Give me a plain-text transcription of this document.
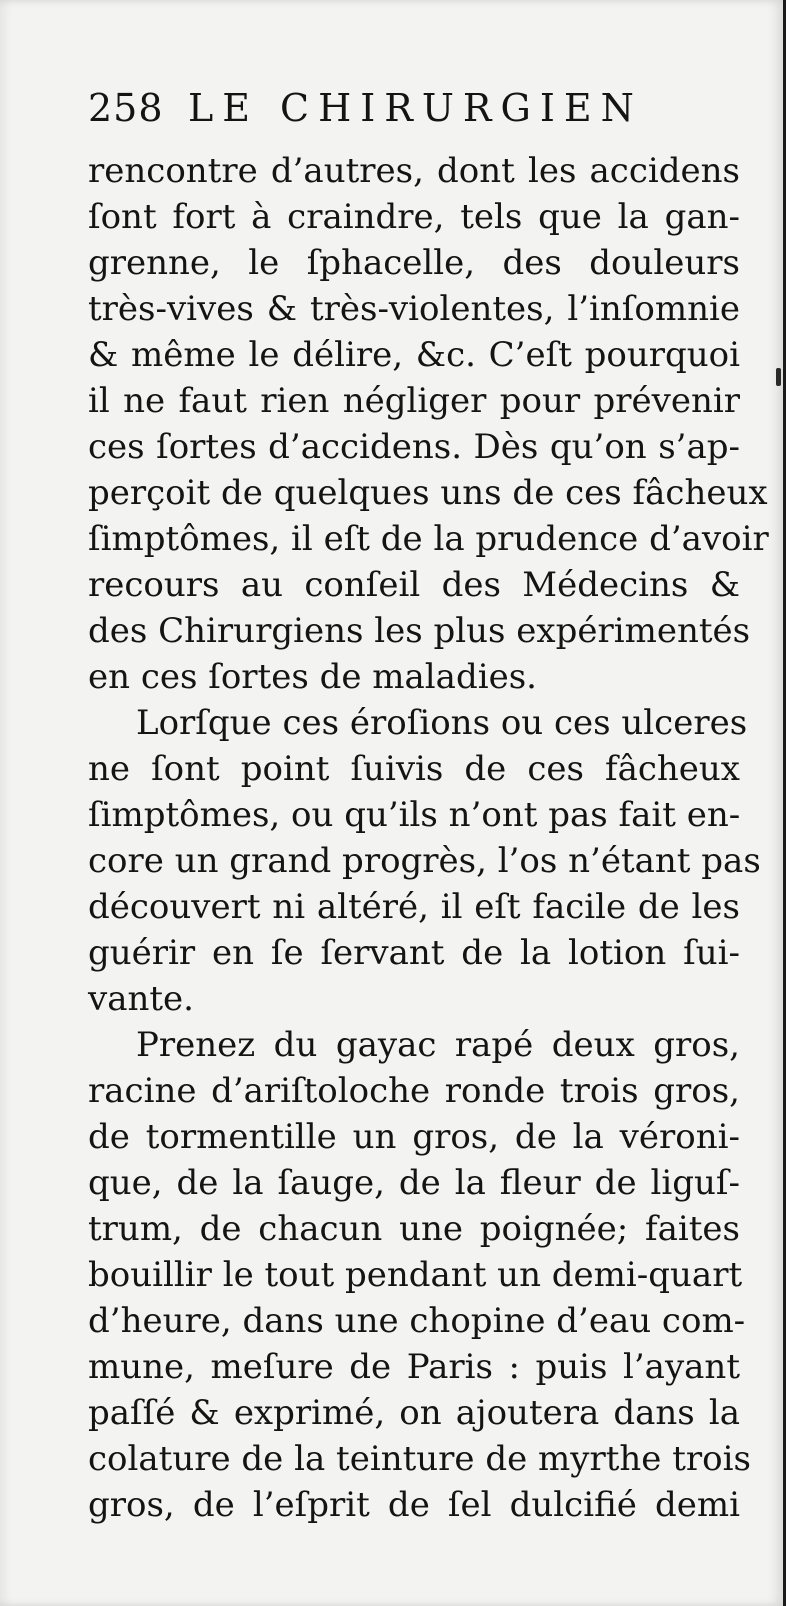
258 LE CHIRURGIEN
rencontre d’autres, dont les accidens
ſont fort à craindre, tels que la gan-
grenne, le ſphacelle, des douleurs
très-vives & très-violentes, l’inſomnie
& même le délire, &c. C’eſt pourquoi
il ne faut rien négliger pour prévenir
ces ſortes d’accidens. Dès qu’on s’ap-
perçoit de quelques uns de ces fâcheux
ſimptômes, il eſt de la prudence d’avoir
recours au conſeil des Médecins &
des Chirurgiens les plus expérimentés
en ces ſortes de maladies.
Lorſque ces éroſions ou ces ulceres
ne ſont point ſuivis de ces fâcheux
ſimptômes, ou qu’ils n’ont pas fait en-
core un grand progrès, l’os n’étant pas
découvert ni altéré, il eſt facile de les
guérir en ſe ſervant de la lotion ſui-
vante.
Prenez du gayac rapé deux gros,
racine d’ariſtoloche ronde trois gros,
de tormentille un gros, de la véroni-
que, de la ſauge, de la fleur de liguſ-
trum, de chacun une poignée; faites
bouillir le tout pendant un demi-quart
d’heure, dans une chopine d’eau com-
mune, meſure de Paris : puis l’ayant
paſſé & exprimé, on ajoutera dans la
colature de la teinture de myrthe trois
gros, de l’eſprit de ſel dulcifié demi
